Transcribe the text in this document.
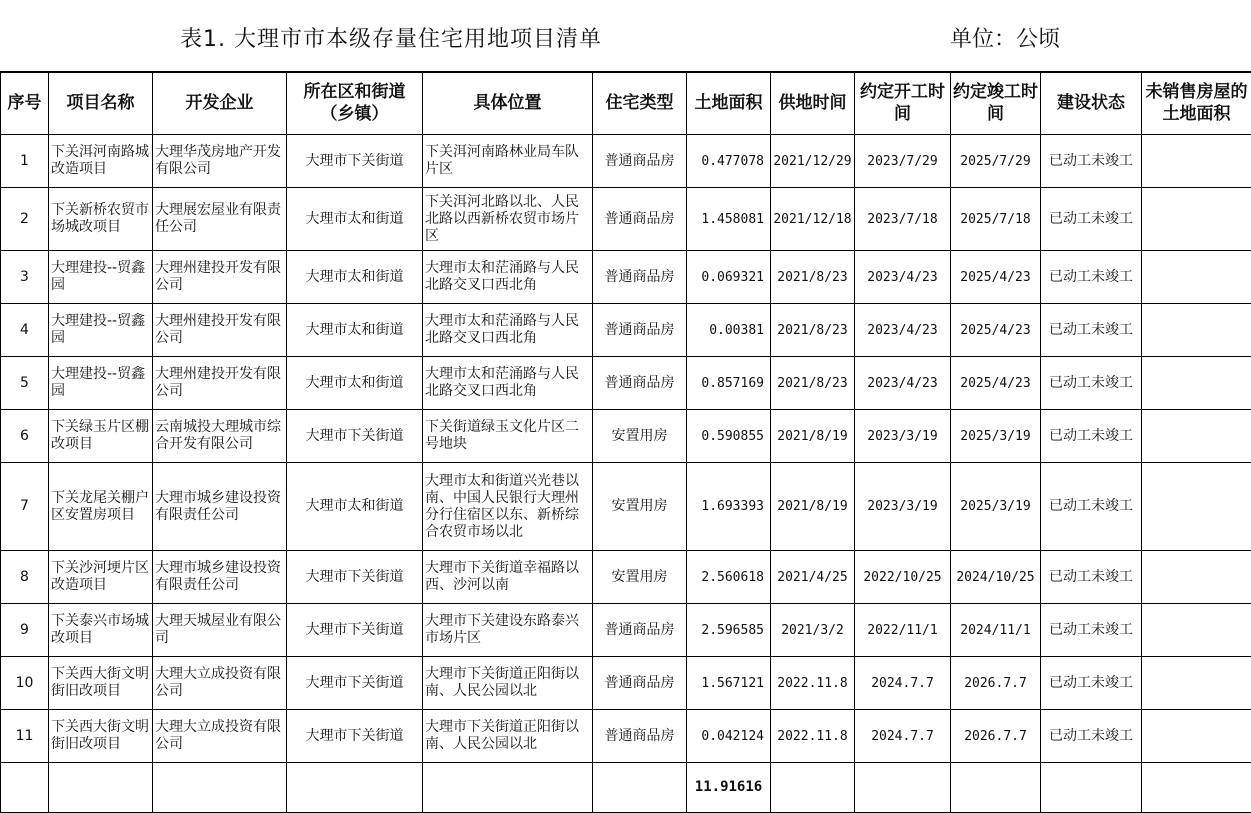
表1. 大理市市本级存量住宅用地项目清单	单位：公顷
序号	项目名称	开发企业	所在区和街道（乡镇）	具体位置	住宅类型	土地面积	供地时间	约定开工时间	约定竣工时间	建设状态	未销售房屋的土地面积
1	下关洱河南路城改造项目	大理华茂房地产开发有限公司	大理市下关街道	下关洱河南路林业局车队片区	普通商品房	0.477078	2021/12/29	2023/7/29	2025/7/29	已动工未竣工	
2	下关新桥农贸市场城改项目	大理展宏屋业有限责任公司	大理市太和街道	下关洱河北路以北、人民北路以西新桥农贸市场片区	普通商品房	1.458081	2021/12/18	2023/7/18	2025/7/18	已动工未竣工	
3	大理建投--贸鑫园	大理州建投开发有限公司	大理市太和街道	大理市太和茫涌路与人民北路交叉口西北角	普通商品房	0.069321	2021/8/23	2023/4/23	2025/4/23	已动工未竣工	
4	大理建投--贸鑫园	大理州建投开发有限公司	大理市太和街道	大理市太和茫涌路与人民北路交叉口西北角	普通商品房	0.00381	2021/8/23	2023/4/23	2025/4/23	已动工未竣工	
5	大理建投--贸鑫园	大理州建投开发有限公司	大理市太和街道	大理市太和茫涌路与人民北路交叉口西北角	普通商品房	0.857169	2021/8/23	2023/4/23	2025/4/23	已动工未竣工	
6	下关绿玉片区棚改项目	云南城投大理城市综合开发有限公司	大理市下关街道	下关街道绿玉文化片区二号地块	安置用房	0.590855	2021/8/19	2023/3/19	2025/3/19	已动工未竣工	
7	下关龙尾关棚户区安置房项目	大理市城乡建设投资有限责任公司	大理市太和街道	大理市太和街道兴光巷以南、中国人民银行大理州分行住宿区以东、新桥综合农贸市场以北	安置用房	1.693393	2021/8/19	2023/3/19	2025/3/19	已动工未竣工	
8	下关沙河埂片区改造项目	大理市城乡建设投资有限责任公司	大理市下关街道	大理市下关街道幸福路以西、沙河以南	安置用房	2.560618	2021/4/25	2022/10/25	2024/10/25	已动工未竣工	
9	下关泰兴市场城改项目	大理天城屋业有限公司	大理市下关街道	大理市下关建设东路泰兴市场片区	普通商品房	2.596585	2021/3/2	2022/11/1	2024/11/1	已动工未竣工	
10	下关西大街文明街旧改项目	大理大立成投资有限公司	大理市下关街道	大理市下关街道正阳街以南、人民公园以北	普通商品房	1.567121	2022.11.8	2024.7.7	2026.7.7	已动工未竣工	
11	下关西大街文明街旧改项目	大理大立成投资有限公司	大理市下关街道	大理市下关街道正阳街以南、人民公园以北	普通商品房	0.042124	2022.11.8	2024.7.7	2026.7.7	已动工未竣工	
						11.91616					
